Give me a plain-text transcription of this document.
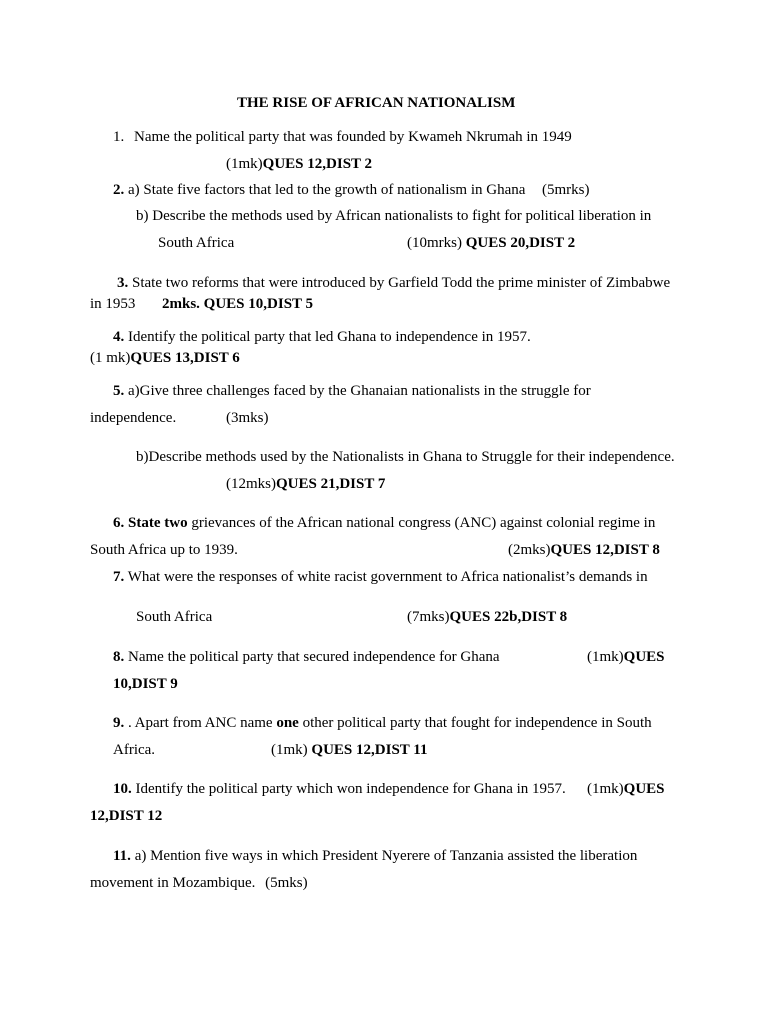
THE RISE OF AFRICAN NATIONALISM
1. Name the political party that was founded by Kwameh Nkrumah in 1949
(1mk)QUES 12,DIST 2
2. a) State five factors that led to the growth of nationalism in Ghana (5mrks)
b) Describe the methods used by African nationalists to fight for political liberation in
South Africa	(10mrks) QUES 20,DIST 2
3. State two reforms that were introduced by Garfield Todd the prime minister of Zimbabwe
in 1953 2mks. QUES 10,DIST 5
4. Identify the political party that led Ghana to independence in 1957.
(1 mk)QUES 13,DIST 6
5. a)Give three challenges faced by the Ghanaian nationalists in the struggle for
independence.	(3mks)
b)Describe methods used by the Nationalists in Ghana to Struggle for their independence.
(12mks)QUES 21,DIST 7
6. State two grievances of the African national congress (ANC) against colonial regime in
South Africa up to 1939.	(2mks)QUES 12,DIST 8
7. What were the responses of white racist government to Africa nationalist’s demands in
South Africa	(7mks)QUES 22b,DIST 8
8. Name the political party that secured independence for Ghana	(1mk)QUES
10,DIST 9
9. . Apart from ANC name one other political party that fought for independence in South
Africa.	(1mk) QUES 12,DIST 11
10. Identify the political party which won independence for Ghana in 1957. (1mk)QUES
12,DIST 12
11. a) Mention five ways in which President Nyerere of Tanzania assisted the liberation
movement in Mozambique. (5mks)
